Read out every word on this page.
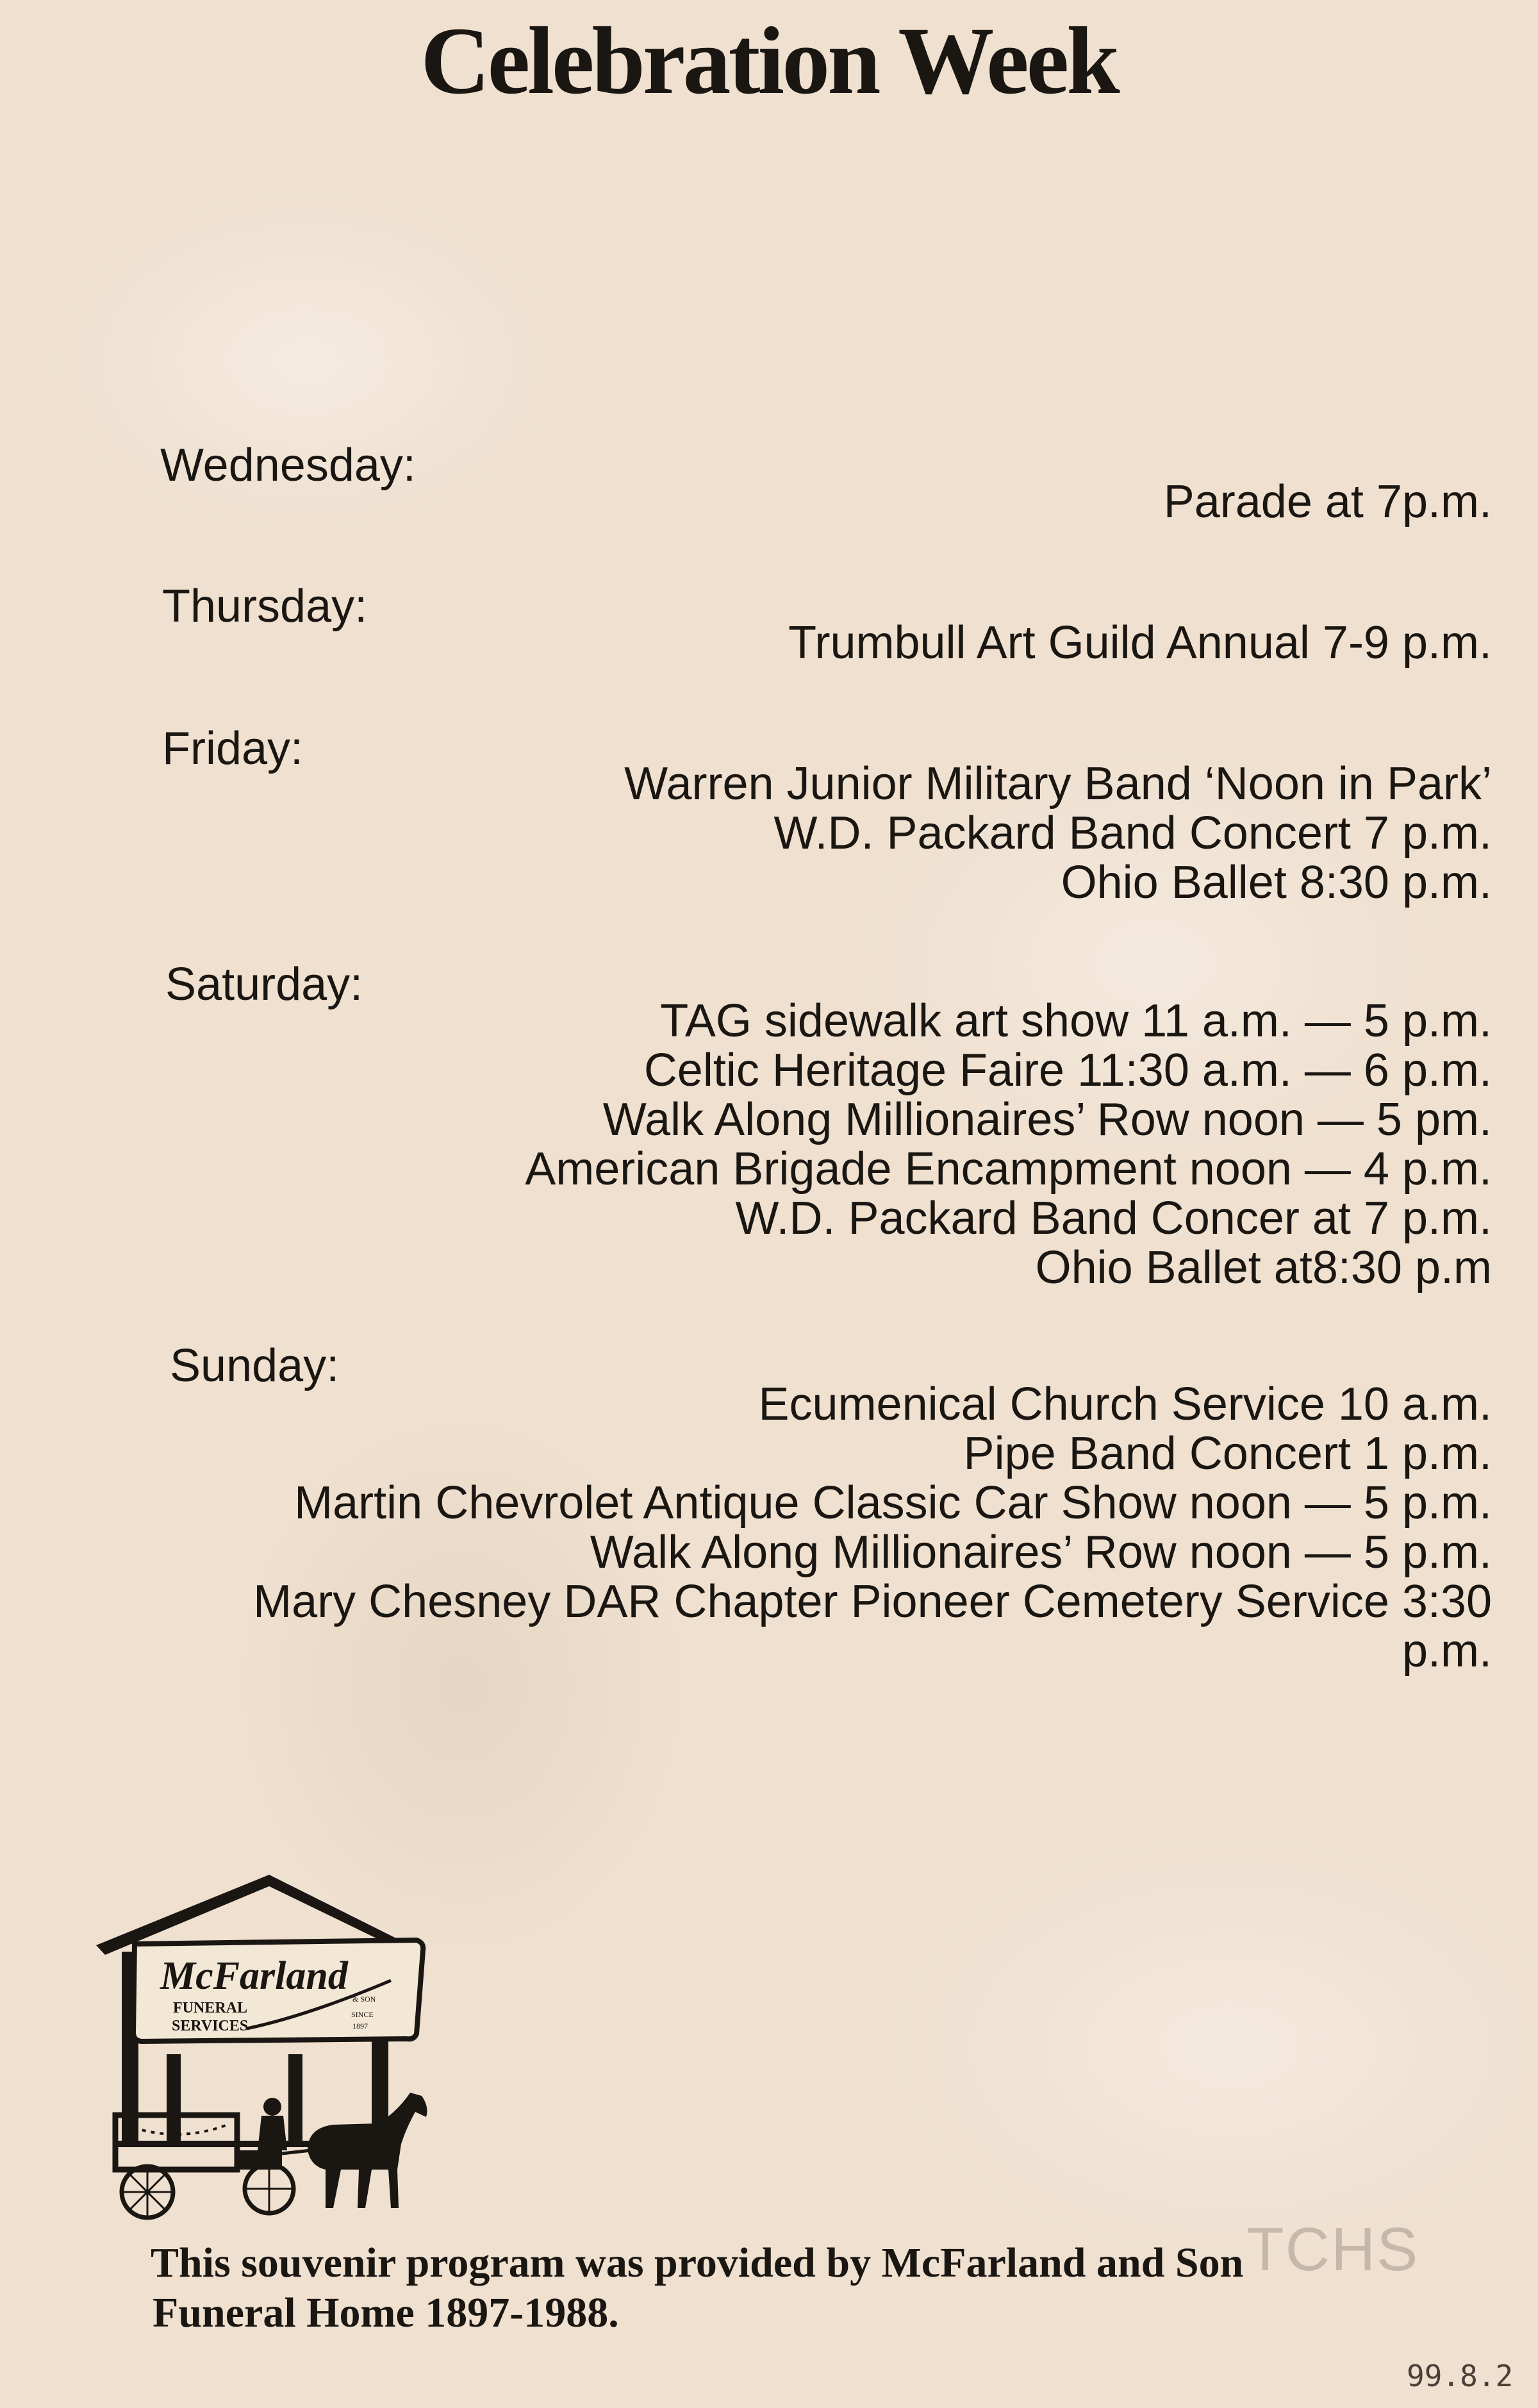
Celebration Week
Wednesday:
Parade at 7p.m.
Thursday:
Trumbull Art Guild Annual 7-9 p.m.
Friday:
Warren Junior Military Band ‘Noon in Park’
W.D. Packard Band Concert 7 p.m.
Ohio Ballet 8:30 p.m.
Saturday:
TAG sidewalk art show 11 a.m. — 5 p.m.
Celtic Heritage Faire 11:30 a.m. — 6 p.m.
Walk Along Millionaires’ Row noon — 5 pm.
American Brigade Encampment noon — 4 p.m.
W.D. Packard Band Concer at 7 p.m.
Ohio Ballet at8:30 p.m
Sunday:
Ecumenical Church Service 10 a.m.
Pipe Band Concert 1 p.m.
Martin Chevrolet Antique Classic Car Show noon — 5 p.m.
Walk Along Millionaires’ Row noon — 5 p.m.
Mary Chesney DAR Chapter Pioneer Cemetery Service 3:30
p.m.
McFarland
& SON
FUNERAL
SERVICES
SINCE
1897
This souvenir program was provided by McFarland and Son
Funeral Home 1897-1988.
TCHS
99.8.2
